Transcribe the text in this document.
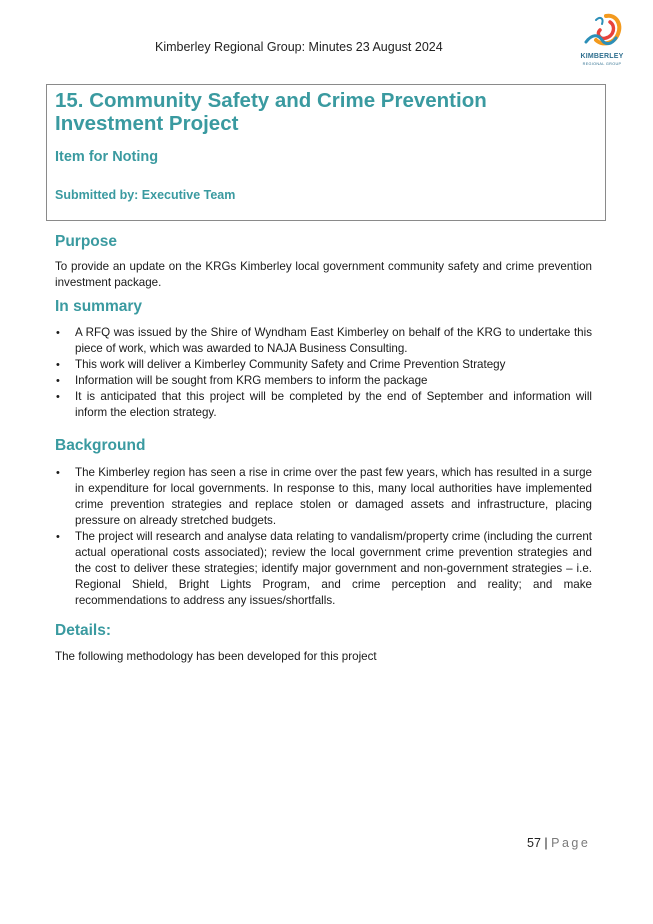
Kimberley Regional Group: Minutes 23 August 2024
KIMBERLEY
REGIONAL GROUP
15. Community Safety and Crime Prevention Investment Project
Item for Noting
Submitted by: Executive Team
Purpose

To provide an update on the KRGs Kimberley local government community safety and crime prevention investment package.

In summary
• A RFQ was issued by the Shire of Wyndham East Kimberley on behalf of the KRG to undertake this piece of work, which was awarded to NAJA Business Consulting.
• This work will deliver a Kimberley Community Safety and Crime Prevention Strategy
• Information will be sought from KRG members to inform the package
• It is anticipated that this project will be completed by the end of September and information will inform the election strategy.
Background
• The Kimberley region has seen a rise in crime over the past few years, which has resulted in a surge in expenditure for local governments. In response to this, many local authorities have implemented crime prevention strategies and replace stolen or damaged assets and infrastructure, placing pressure on already stretched budgets.
• The project will research and analyse data relating to vandalism/property crime (including the current actual operational costs associated); review the local government crime prevention strategies and the cost to deliver these strategies; identify major government and non-government strategies – i.e. Regional Shield, Bright Lights Program, and crime perception and reality; and make recommendations to address any issues/shortfalls.
Details:

The following methodology has been developed for this project

57 | Page
